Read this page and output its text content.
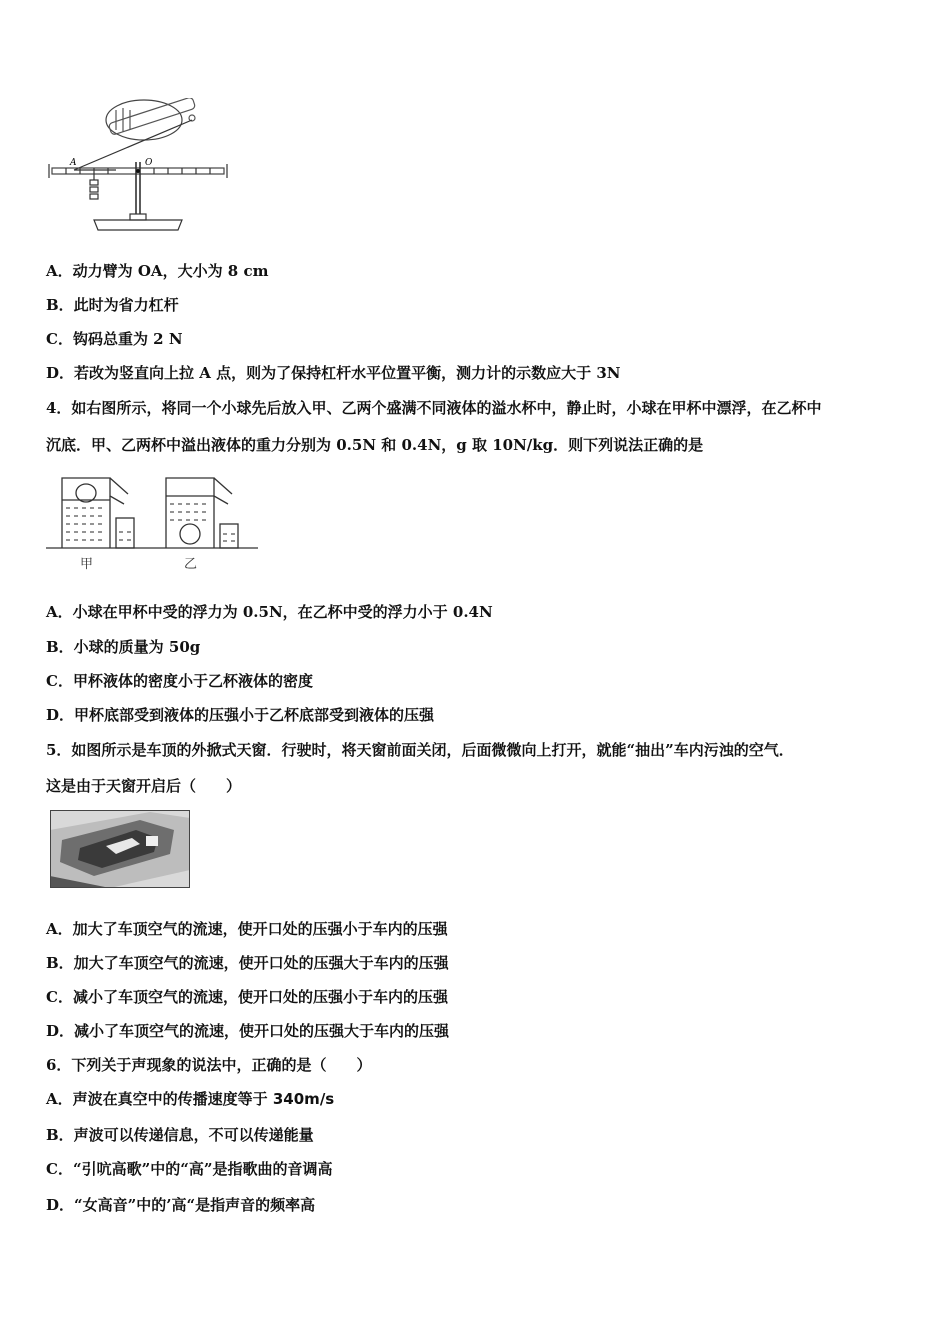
A	O
A．动力臂为 OA，大小为 8 cm
B．此时为省力杠杆
C．钩码总重为 2 N
D．若改为竖直向上拉 A 点，则为了保持杠杆水平位置平衡，测力计的示数应大于 3N
4．如右图所示，将同一个小球先后放入甲、乙两个盛满不同液体的溢水杯中，静止时，小球在甲杯中漂浮，在乙杯中
沉底．甲、乙两杯中溢出液体的重力分别为 0.5N 和 0.4N，g 取 10N/kg．则下列说法正确的是
甲	乙
A．小球在甲杯中受的浮力为 0.5N，在乙杯中受的浮力小于 0.4N
B．小球的质量为 50g
C．甲杯液体的密度小于乙杯液体的密度
D．甲杯底部受到液体的压强小于乙杯底部受到液体的压强
5．如图所示是车顶的外掀式天窗．行驶时，将天窗前面关闭，后面微微向上打开，就能“抽出”车内污浊的空气．
这是由于天窗开启后（　　）
A．加大了车顶空气的流速，使开口处的压强小于车内的压强
B．加大了车顶空气的流速，使开口处的压强大于车内的压强
C．减小了车顶空气的流速，使开口处的压强小于车内的压强
D．减小了车顶空气的流速，使开口处的压强大于车内的压强
6．下列关于声现象的说法中，正确的是（　　）
A．声波在真空中的传播速度等于 340m/s
B．声波可以传递信息，不可以传递能量
C．“引吭高歌”中的“高”是指歌曲的音调高
D．“女高音”中的’高“是指声音的频率高
